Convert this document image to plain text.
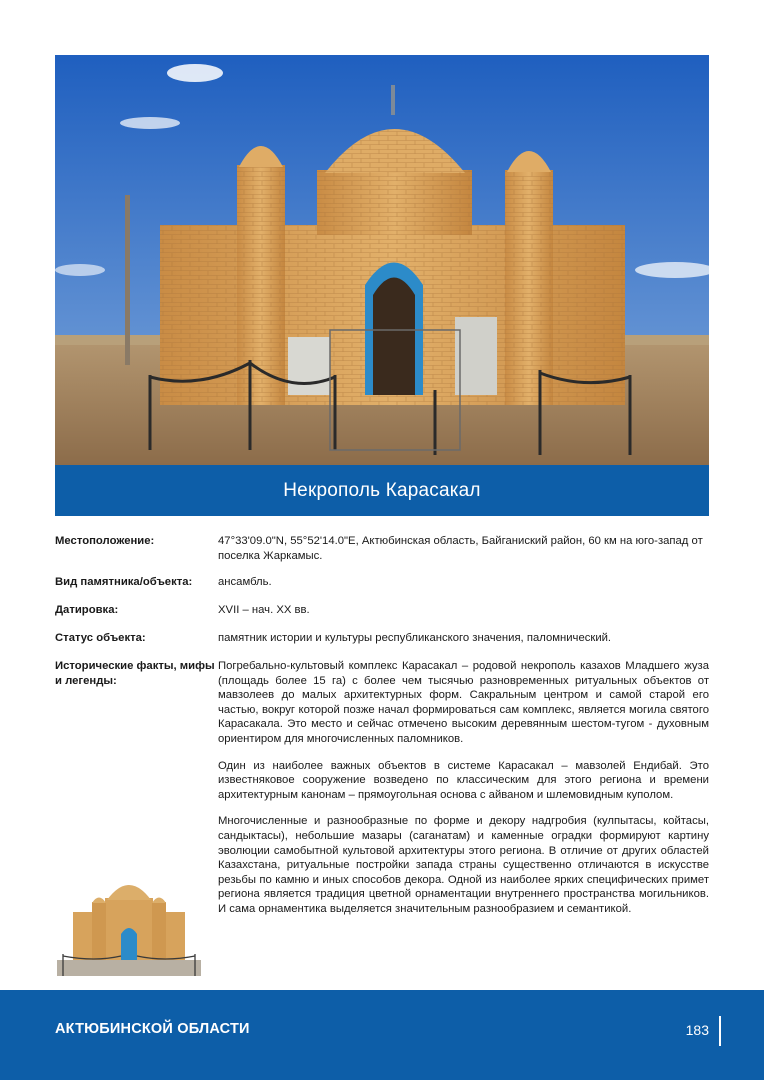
Некрополь Карасакал
Местоположение:	47°33'09.0"N, 55°52'14.0"E, Актюбинская область, Байганиский район, 60 км на юго-запад от поселка Жаркамыс.
Вид памятника/объекта:	ансамбль.
Датировка:	XVII – нач. XX вв.
Статус объекта:	памятник истории и культуры республиканского значения, паломнический.
Исторические факты, мифы и легенды:

Погребально-культовый комплекс Карасакал – родовой некрополь казахов Младшего жуза (площадь более 15 га) с более чем тысячью разновременных ритуальных объектов от мавзолеев до малых архитектурных форм. Сакральным центром и самой старой его частью, вокруг которой позже начал формироваться сам комплекс, является могила святого Карасакала. Это место и сейчас отмечено высоким деревянным шестом-тугом - духовным ориентиром для многочисленных паломников.

Один из наиболее важных объектов в системе Карасакал – мавзолей Ендибай. Это известняковое сооружение возведено по классическим для этого региона и времени архитектурным канонам – прямоугольная основа с айваном и шлемовидным куполом.

Многочисленные и разнообразные по форме и декору надгробия (кулпытасы, койтасы, сандыктасы), небольшие мазары (саганатам) и каменные оградки формируют картину эволюции самобытной культовой архитектуры этого региона. В отличие от других областей Казахстана, ритуальные постройки запада страны существенно отличаются в искусстве резьбы по камню и иных способов декора. Одной из наиболее ярких специфических примет региона является традиция цветной орнаментации внутреннего пространства могильников. И сама орнаментика выделяется значительным разнообразием и семантикой.

АКТЮБИНСКОЙ ОБЛАСТИ	183
